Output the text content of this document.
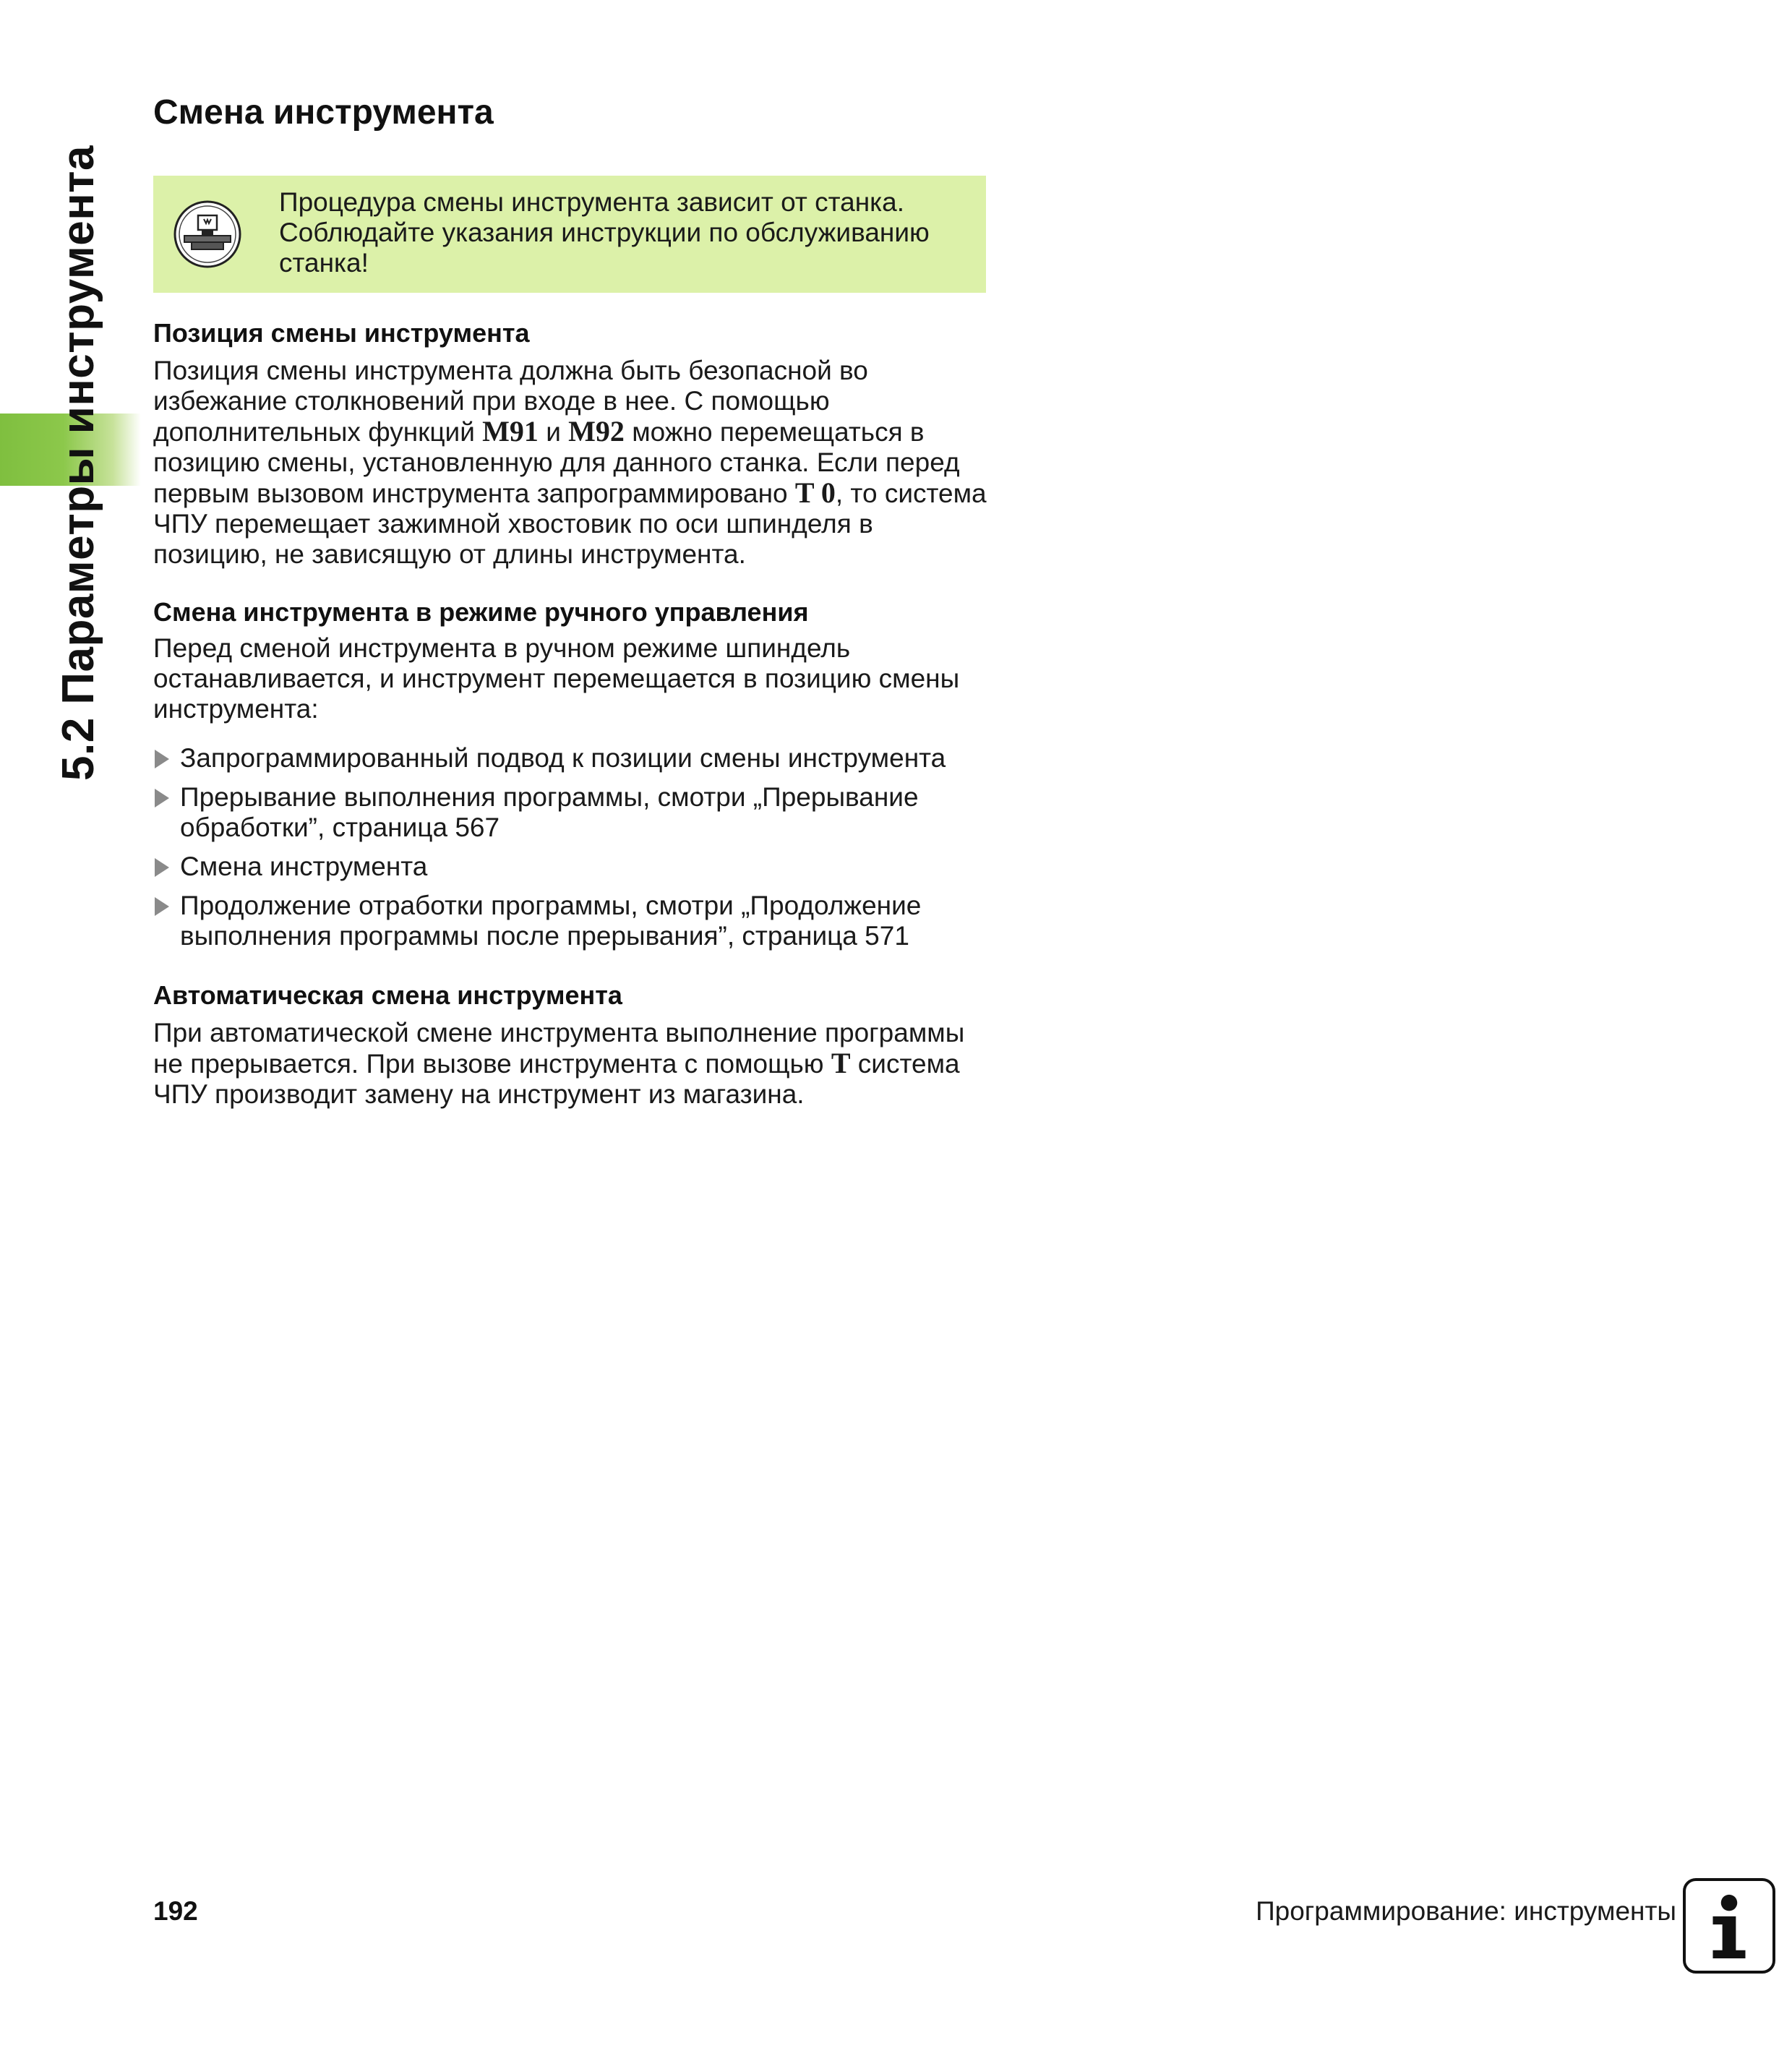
5.2 Параметры инструмента
Смена инструмента
Процедура смены инструмента зависит от станка.
Соблюдайте указания инструкции по обслуживанию
станка!
Позиция смены инструмента

Позиция смены инструмента должна быть безопасной во избежание столкновений при входе в нее. С помощью дополнительных функций M91 и M92 можно перемещаться в позицию смены, установленную для данного станка. Если перед первым вызовом инструмента запрограммировано T 0, то система ЧПУ перемещает зажимной хвостовик по оси шпинделя в позицию, не зависящую от длины инструмента.

Смена инструмента в режиме ручного управления

Перед сменой инструмента в ручном режиме шпиндель останавливается, и инструмент перемещается в позицию смены инструмента:

Запрограммированный подвод к позиции смены инструмента
Прерывание выполнения программы, смотри „Прерывание обработки”, страница 567
Смена инструмента
Продолжение отработки программы, смотри „Продолжение выполнения программы после прерывания”, страница 571
Автоматическая смена инструмента

При автоматической смене инструмента выполнение программы не прерывается. При вызове инструмента с помощью T система ЧПУ производит замену на инструмент из магазина.

192	Программирование: инструменты
